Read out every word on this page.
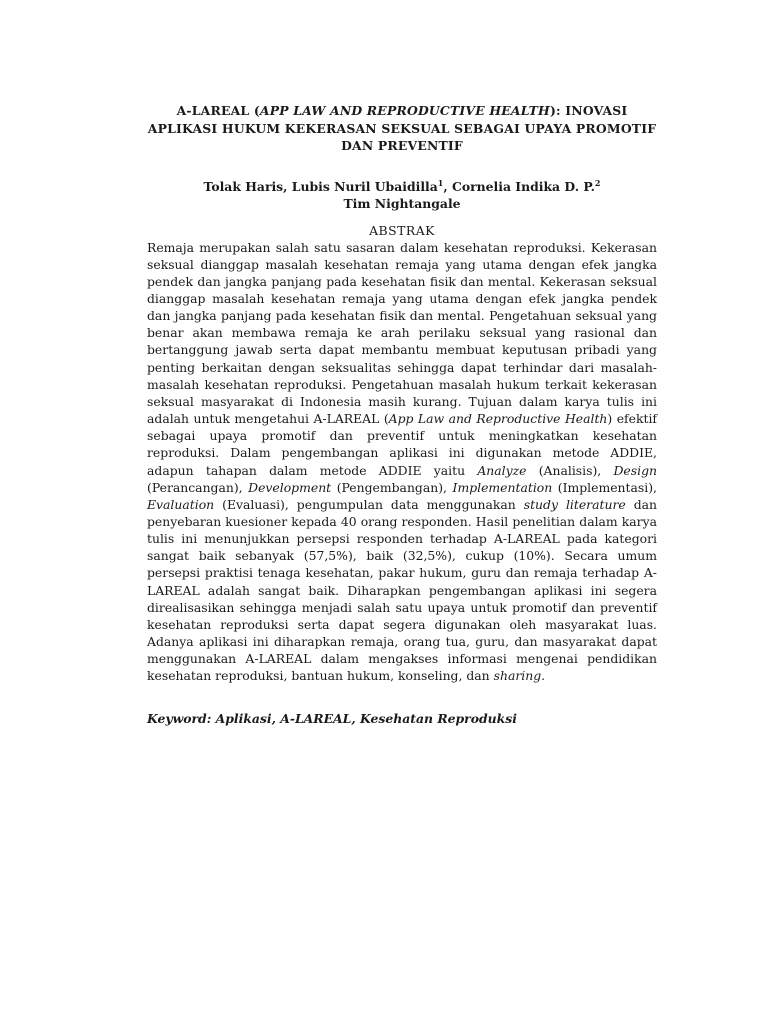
A-LAREAL (APP LAW AND REPRODUCTIVE HEALTH): INOVASI APLIKASI HUKUM KEKERASAN SEKSUAL SEBAGAI UPAYA PROMOTIF DAN PREVENTIF
Tolak Haris, Lubis Nuril Ubaidilla$^1$, Cornelia Indika D. P.$^2$
Tim Nightangale
ABSTRAK

Remaja merupakan salah satu sasaran dalam kesehatan reproduksi. Kekerasan seksual dianggap masalah kesehatan remaja yang utama dengan efek jangka pendek dan jangka panjang pada kesehatan fisik dan mental. Kekerasan seksual dianggap masalah kesehatan remaja yang utama dengan efek jangka pendek dan jangka panjang pada kesehatan fisik dan mental. Pengetahuan seksual yang benar akan membawa remaja ke arah perilaku seksual yang rasional dan bertanggung jawab serta dapat membantu membuat keputusan pribadi yang penting berkaitan dengan seksualitas sehingga dapat terhindar dari masalah-masalah kesehatan reproduksi. Pengetahuan masalah hukum terkait kekerasan seksual masyarakat di Indonesia masih kurang. Tujuan dalam karya tulis ini adalah untuk mengetahui A-LAREAL (App Law and Reproductive Health) efektif sebagai upaya promotif dan preventif untuk meningkatkan kesehatan reproduksi. Dalam pengembangan aplikasi ini digunakan metode ADDIE, adapun tahapan dalam metode ADDIE yaitu Analyze (Analisis), Design (Perancangan), Development (Pengembangan), Implementation (Implementasi), Evaluation (Evaluasi), pengumpulan data menggunakan study literature dan penyebaran kuesioner kepada 40 orang responden. Hasil penelitian dalam karya tulis ini menunjukkan persepsi responden terhadap A-LAREAL pada kategori sangat baik sebanyak (57,5%), baik (32,5%), cukup (10%). Secara umum persepsi praktisi tenaga kesehatan, pakar hukum, guru dan remaja terhadap A-LAREAL adalah sangat baik. Diharapkan pengembangan aplikasi ini segera direalisasikan sehingga menjadi salah satu upaya untuk promotif dan preventif kesehatan reproduksi serta dapat segera digunakan oleh masyarakat luas. Adanya aplikasi ini diharapkan remaja, orang tua, guru, dan masyarakat dapat menggunakan A-LAREAL dalam mengakses informasi mengenai pendidikan kesehatan reproduksi, bantuan hukum, konseling, dan sharing.

Keyword: Aplikasi, A-LAREAL, Kesehatan Reproduksi
